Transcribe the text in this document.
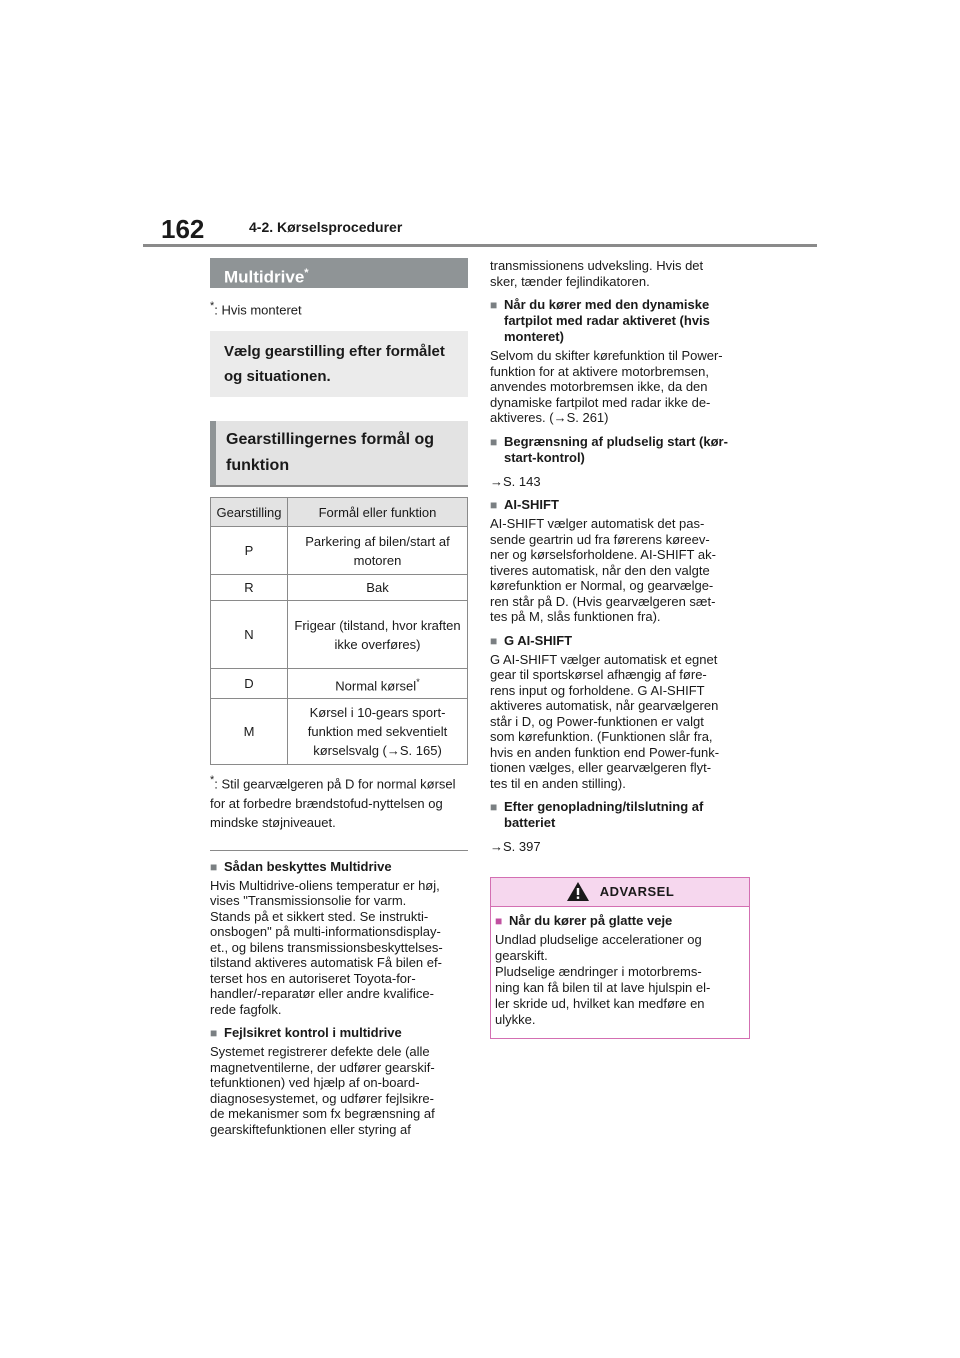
162	4-2. Kørselsprocedurer
Multidrive*
*: Hvis monteret
Vælg gearstilling efter formålet og situationen.
Gearstillingernes formål og funktion
Gearstilling	Formål eller funktion
P	Parkering af bilen/start af motoren
R	Bak
N	Frigear (tilstand, hvor kraften ikke overføres)
D	Normal kørsel*
M	Kørsel i 10-gears sport-funktion med sekventielt kørselsvalg (→S. 165)
*: Stil gearvælgeren på D for normal kørsel for at forbedre brændstofud-nyttelsen og mindske støjniveauet.
■ Sådan beskyttes Multidrive
Hvis Multidrive-oliens temperatur er høj,
vises "Transmissionsolie for varm.
Stands på et sikkert sted. Se instrukti-
onsbogen" på multi-informationsdisplay-
et., og bilens transmissionsbeskyttelses-
tilstand aktiveres automatisk Få bilen ef-
terset hos en autoriseret Toyota-for-
handler/-reparatør eller andre kvalifice-
rede fagfolk.
■ Fejlsikret kontrol i multidrive
Systemet registrerer defekte dele (alle
magnetventilerne, der udfører gearskif-
tefunktionen) ved hjælp af on-board-
diagnosesystemet, og udfører fejlsikre-
de mekanismer som fx begrænsning af
gearskiftefunktionen eller styring af
transmissionens udveksling. Hvis det
sker, tænder fejlindikatoren.
■ Når du kører med den dynamiske fartpilot med radar aktiveret (hvis monteret)
Selvom du skifter kørefunktion til Power-
funktion for at aktivere motorbremsen,
anvendes motorbremsen ikke, da den
dynamiske fartpilot med radar ikke de-
aktiveres. (→S. 261)
■ Begrænsning af pludselig start (kør-start-kontrol)
→S. 143
■ AI-SHIFT
AI-SHIFT vælger automatisk det pas-
sende geartrin ud fra førerens køreev-
ner og kørselsforholdene. AI-SHIFT ak-
tiveres automatisk, når den den valgte
kørefunktion er Normal, og gearvælge-
ren står på D. (Hvis gearvælgeren sæt-
tes på M, slås funktionen fra).
■ G AI-SHIFT
G AI-SHIFT vælger automatisk et egnet
gear til sportskørsel afhængig af føre-
rens input og forholdene. G AI-SHIFT
aktiveres automatisk, når gearvælgeren
står i D, og Power-funktionen er valgt
som kørefunktion. (Funktionen slår fra,
hvis en anden funktion end Power-funk-
tionen vælges, eller gearvælgeren flyt-
tes til en anden stilling).
■ Efter genopladning/tilslutning af batteriet
→S. 397
ADVARSEL
■ Når du kører på glatte veje
Undlad pludselige accelerationer og
gearskift.
Pludselige ændringer i motorbrems-
ning kan få bilen til at lave hjulspin el-
ler skride ud, hvilket kan medføre en
ulykke.
